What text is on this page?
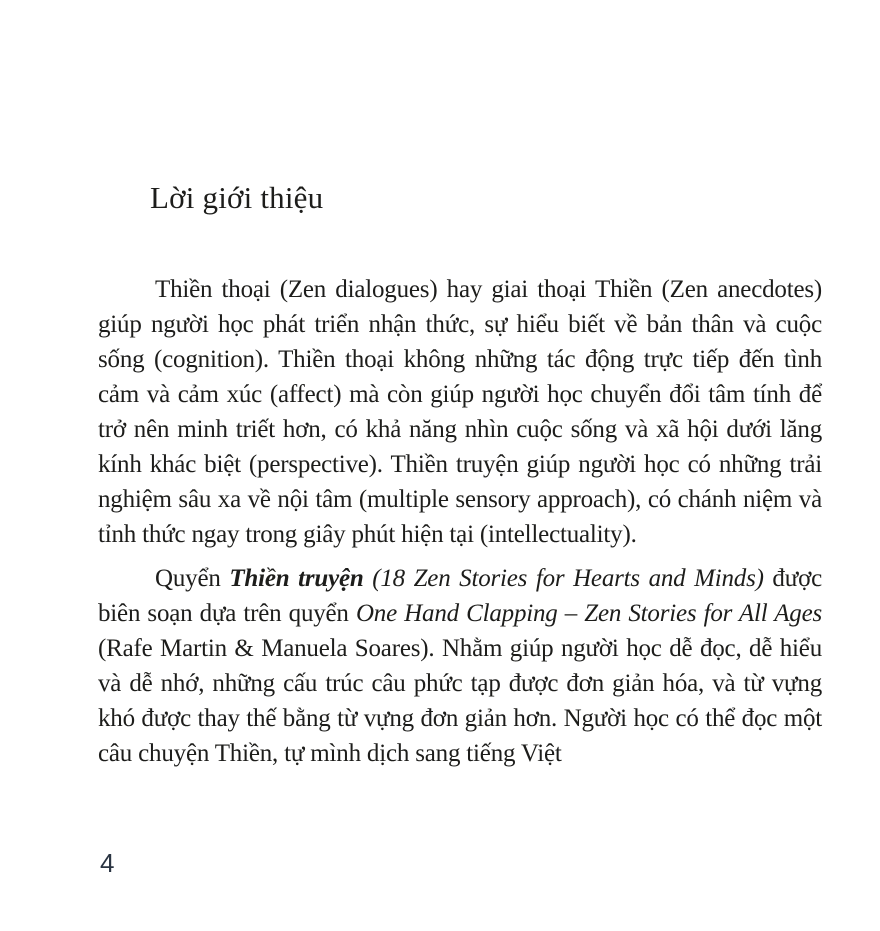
Lời giới thiệu

Thiền thoại (Zen dialogues) hay giai thoại Thiền (Zen anecdotes) giúp người học phát triển nhận thức, sự hiểu biết về bản thân và cuộc sống (cognition). Thiền thoại không những tác động trực tiếp đến tình cảm và cảm xúc (affect) mà còn giúp người học chuyển đổi tâm tính để trở nên minh triết hơn, có khả năng nhìn cuộc sống và xã hội dưới lăng kính khác biệt (perspective). Thiền truyện giúp người học có những trải nghiệm sâu xa về nội tâm (multiple sensory approach), có chánh niệm và tỉnh thức ngay trong giây phút hiện tại (intellectuality).

Quyển Thiền truyện (18 Zen Stories for Hearts and Minds) được biên soạn dựa trên quyển One Hand Clapping – Zen Stories for All Ages (Rafe Martin & Manuela Soares). Nhằm giúp người học dễ đọc, dễ hiểu và dễ nhớ, những cấu trúc câu phức tạp được đơn giản hóa, và từ vựng khó được thay thế bằng từ vựng đơn giản hơn. Người học có thể đọc một câu chuyện Thiền, tự mình dịch sang tiếng Việt

4
